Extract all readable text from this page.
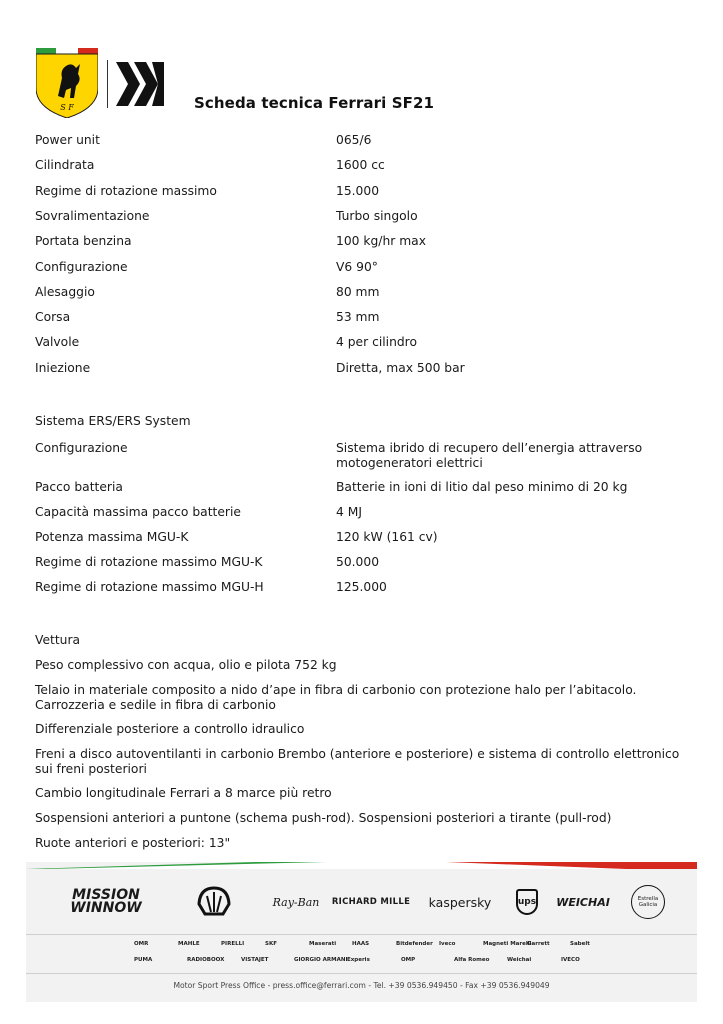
S F	Scheda tecnica Ferrari SF21
Power unit	065/6
Cilindrata	1600 cc
Regime di rotazione massimo	15.000
Sovralimentazione	Turbo singolo
Portata benzina	100 kg/hr max
Configurazione	V6 90°
Alesaggio	80 mm
Corsa	53 mm
Valvole	4 per cilindro
Iniezione	Diretta, max 500 bar
Sistema ERS/ERS System
Configurazione	Sistema ibrido di recupero dell’energia attraverso motogeneratori elettrici
Pacco batteria	Batterie in ioni di litio dal peso minimo di 20 kg
Capacità massima pacco batterie	4 MJ
Potenza massima MGU-K	120 kW (161 cv)
Regime di rotazione massimo MGU-K	50.000
Regime di rotazione massimo MGU-H	125.000
Vettura
Peso complessivo con acqua, olio e pilota 752 kg
Telaio in materiale composito a nido d’ape in fibra di carbonio con protezione halo per l’abitacolo. Carrozzeria e sedile in fibra di carbonio
Differenziale posteriore a controllo idraulico
Freni a disco autoventilanti in carbonio Brembo (anteriore e posteriore) e sistema di controllo elettronico sui freni posteriori
Cambio longitudinale Ferrari a 8 marce più retro
Sospensioni anteriori a puntone (schema push-rod). Sospensioni posteriori a tirante (pull-rod)
Ruote anteriori e posteriori: 13"
MISSION WINNOW	Ray-Ban	RICHARD MILLE	kaspersky	ups	WEICHAI	Estrella Galicia
OMR	MAHLE	PIRELLI	SKF	Maserati	HAAS	Bitdefender Iveco	Magneti Marelli
Garrett	Sabelt
PUMA	RADIOBOOX	VISTAJET	GIORGIO ARMANI Experis	OMP	Alfa Romeo	Weichai	IVECO
Motor Sport Press Office - press.office@ferrari.com - Tel. +39 0536.949450 - Fax +39 0536.949049
